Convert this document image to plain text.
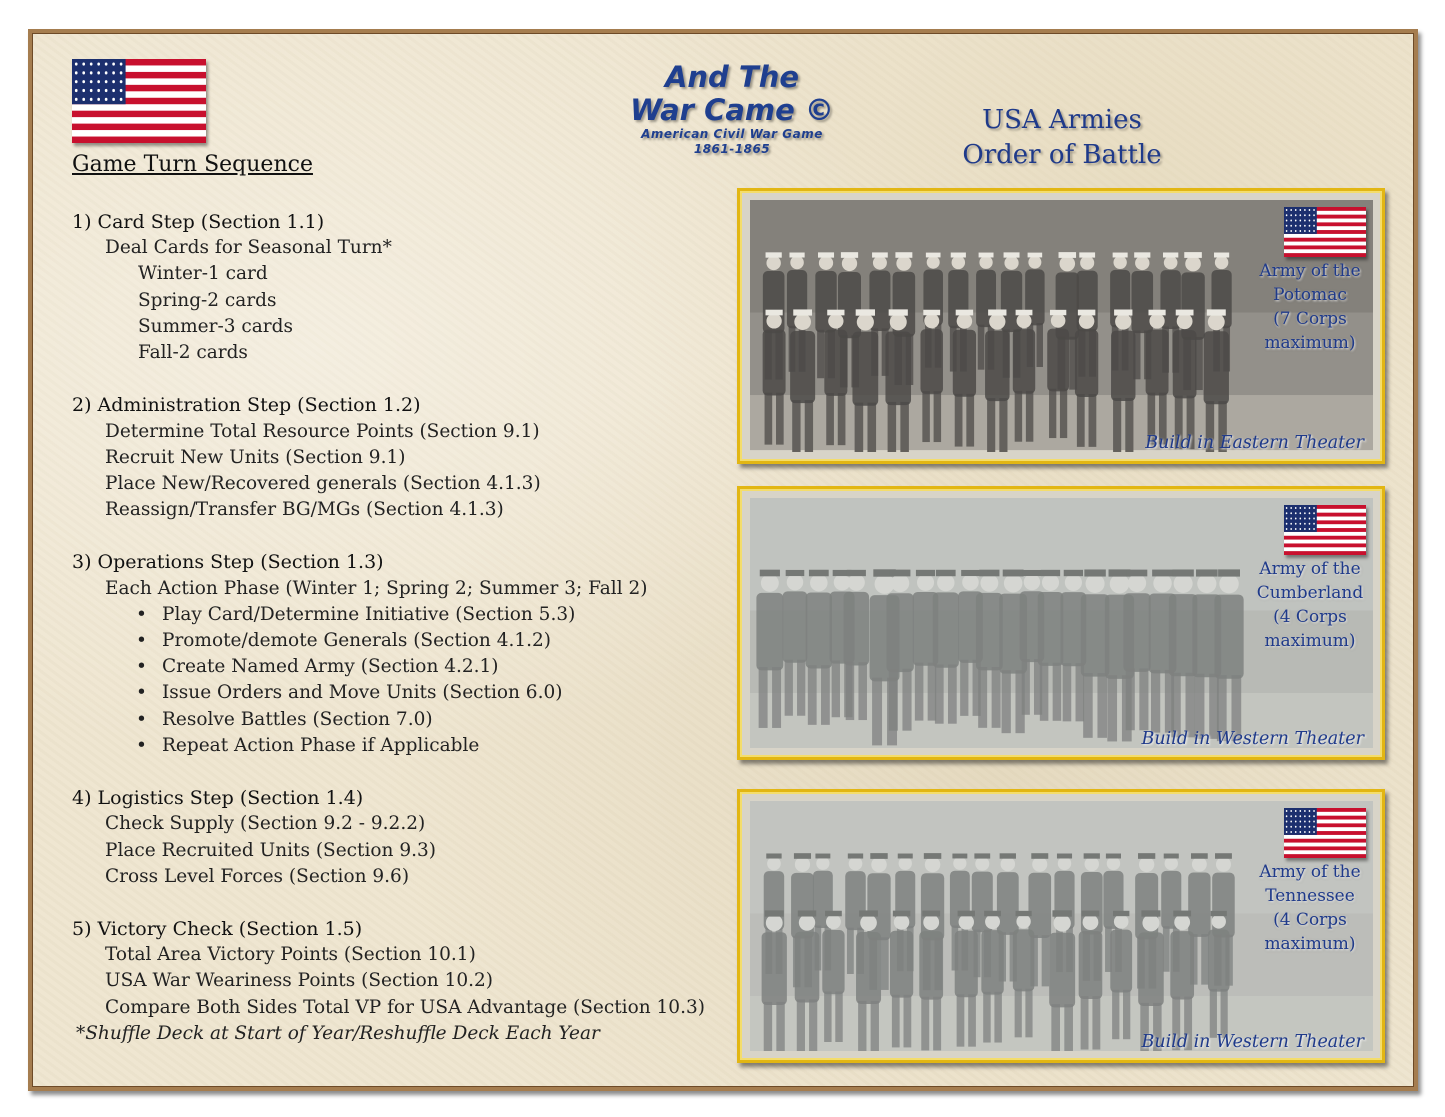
And The
War Came ©
American Civil War Game
1861-1865
USA Armies
Order of Battle
Game Turn Sequence
1) Card Step (Section 1.1)
Deal Cards for Seasonal Turn*
Winter-1 card
Spring-2 cards
Summer-3 cards
Fall-2 cards
2) Administration Step (Section 1.2)
Determine Total Resource Points (Section 9.1)
Recruit New Units (Section 9.1)
Place New/Recovered generals (Section 4.1.3)
Reassign/Transfer BG/MGs (Section 4.1.3)
3) Operations Step (Section 1.3)
Each Action Phase (Winter 1; Spring 2; Summer 3; Fall 2)
• Play Card/Determine Initiative (Section 5.3)
• Promote/demote Generals (Section 4.1.2)
• Create Named Army (Section 4.2.1)
• Issue Orders and Move Units (Section 6.0)
• Resolve Battles (Section 7.0)
• Repeat Action Phase if Applicable
4) Logistics Step (Section 1.4)
Check Supply (Section 9.2 - 9.2.2)
Place Recruited Units (Section 9.3)
Cross Level Forces (Section 9.6)
5) Victory Check (Section 1.5)
Total Area Victory Points (Section 10.1)
USA War Weariness Points (Section 10.2)
Compare Both Sides Total VP for USA Advantage (Section 10.3)
*Shuffle Deck at Start of Year/Reshuffle Deck Each Year
Army of the
Potomac
(7 Corps
maximum)
Build in Eastern Theater
Army of the
Cumberland
(4 Corps
maximum)
Build in Western Theater
Army of the
Tennessee
(4 Corps
maximum)
Build in Western Theater
